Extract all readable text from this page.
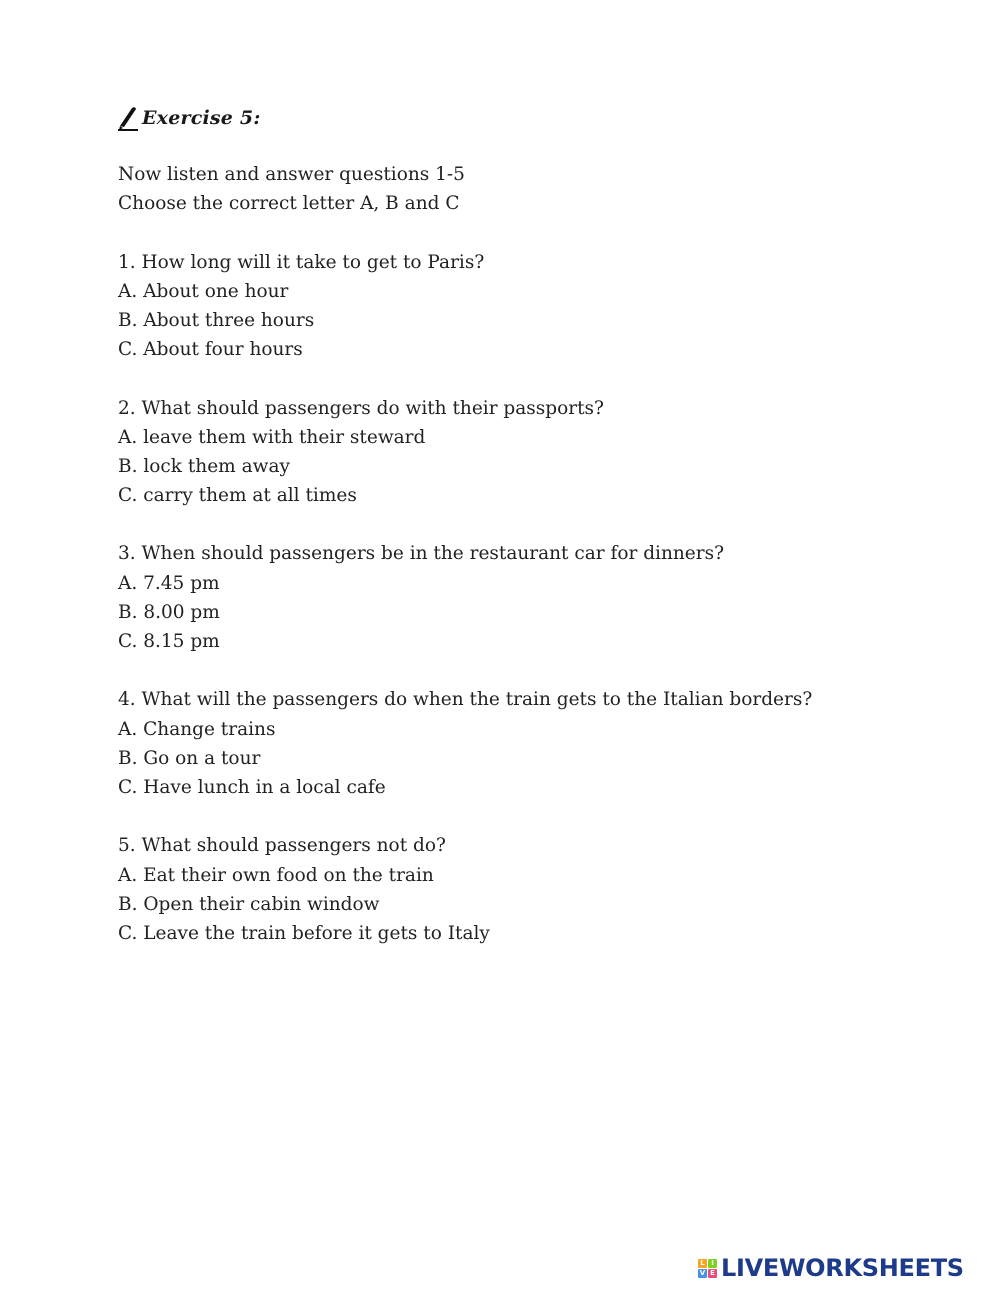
Exercise 5:
Now listen and answer questions 1-5
Choose the correct letter A, B and C
1. How long will it take to get to Paris?
A. About one hour
B. About three hours
C. About four hours
2. What should passengers do with their passports?
A. leave them with their steward
B. lock them away
C. carry them at all times
3. When should passengers be in the restaurant car for dinners?
A. 7.45 pm
B. 8.00 pm
C. 8.15 pm
4. What will the passengers do when the train gets to the Italian borders?
A. Change trains
B. Go on a tour
C. Have lunch in a local cafe
5. What should passengers not do?
A. Eat their own food on the train
B. Open their cabin window
C. Leave the train before it gets to Italy
L I
V E LIVEWORKSHEETS
